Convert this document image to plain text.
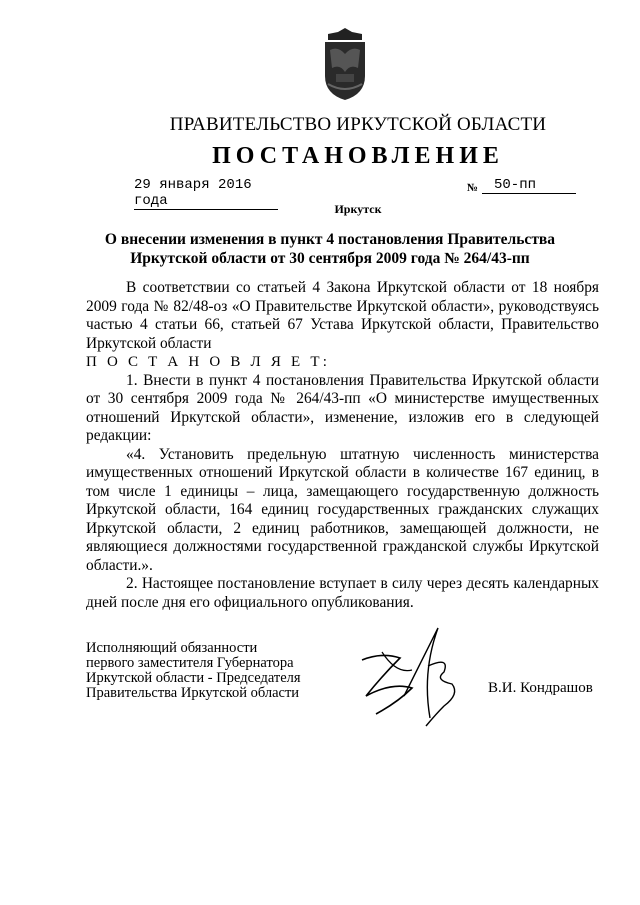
ПРАВИТЕЛЬСТВО ИРКУТСКОЙ ОБЛАСТИ
ПОСТАНОВЛЕНИЕ
29 января 2016 года
№	50-пп
Иркутск
О внесении изменения в пункт 4 постановления Правительства
Иркутской области от 30 сентября 2009 года № 264/43-пп

В соответствии со статьей 4 Закона Иркутской области от 18 ноября 2009 года № 82/48-оз «О Правительстве Иркутской области», руководствуясь частью 4 статьи 66, статьей 67 Устава Иркутской области, Правительство Иркутской области

П О С Т А Н О В Л Я Е Т:

1. Внести в пункт 4 постановления Правительства Иркутской области от 30 сентября 2009 года № 264/43-пп «О министерстве имущественных отношений Иркутской области», изменение, изложив его в следующей редакции:

«4. Установить предельную штатную численность министерства имущественных отношений Иркутской области в количестве 167 единиц, в том числе 1 единицы – лица, замещающего государственную должность Иркутской области, 164 единиц государственных гражданских служащих Иркутской области, 2 единиц работников, замещающей должности, не являющиеся должностями государственной гражданской службы Иркутской области.».

2. Настоящее постановление вступает в силу через десять календарных дней после дня его официального опубликования.

Исполняющий обязанности
первого заместителя Губернатора
Иркутской области - Председателя
Правительства Иркутской области	В.И. Кондрашов
